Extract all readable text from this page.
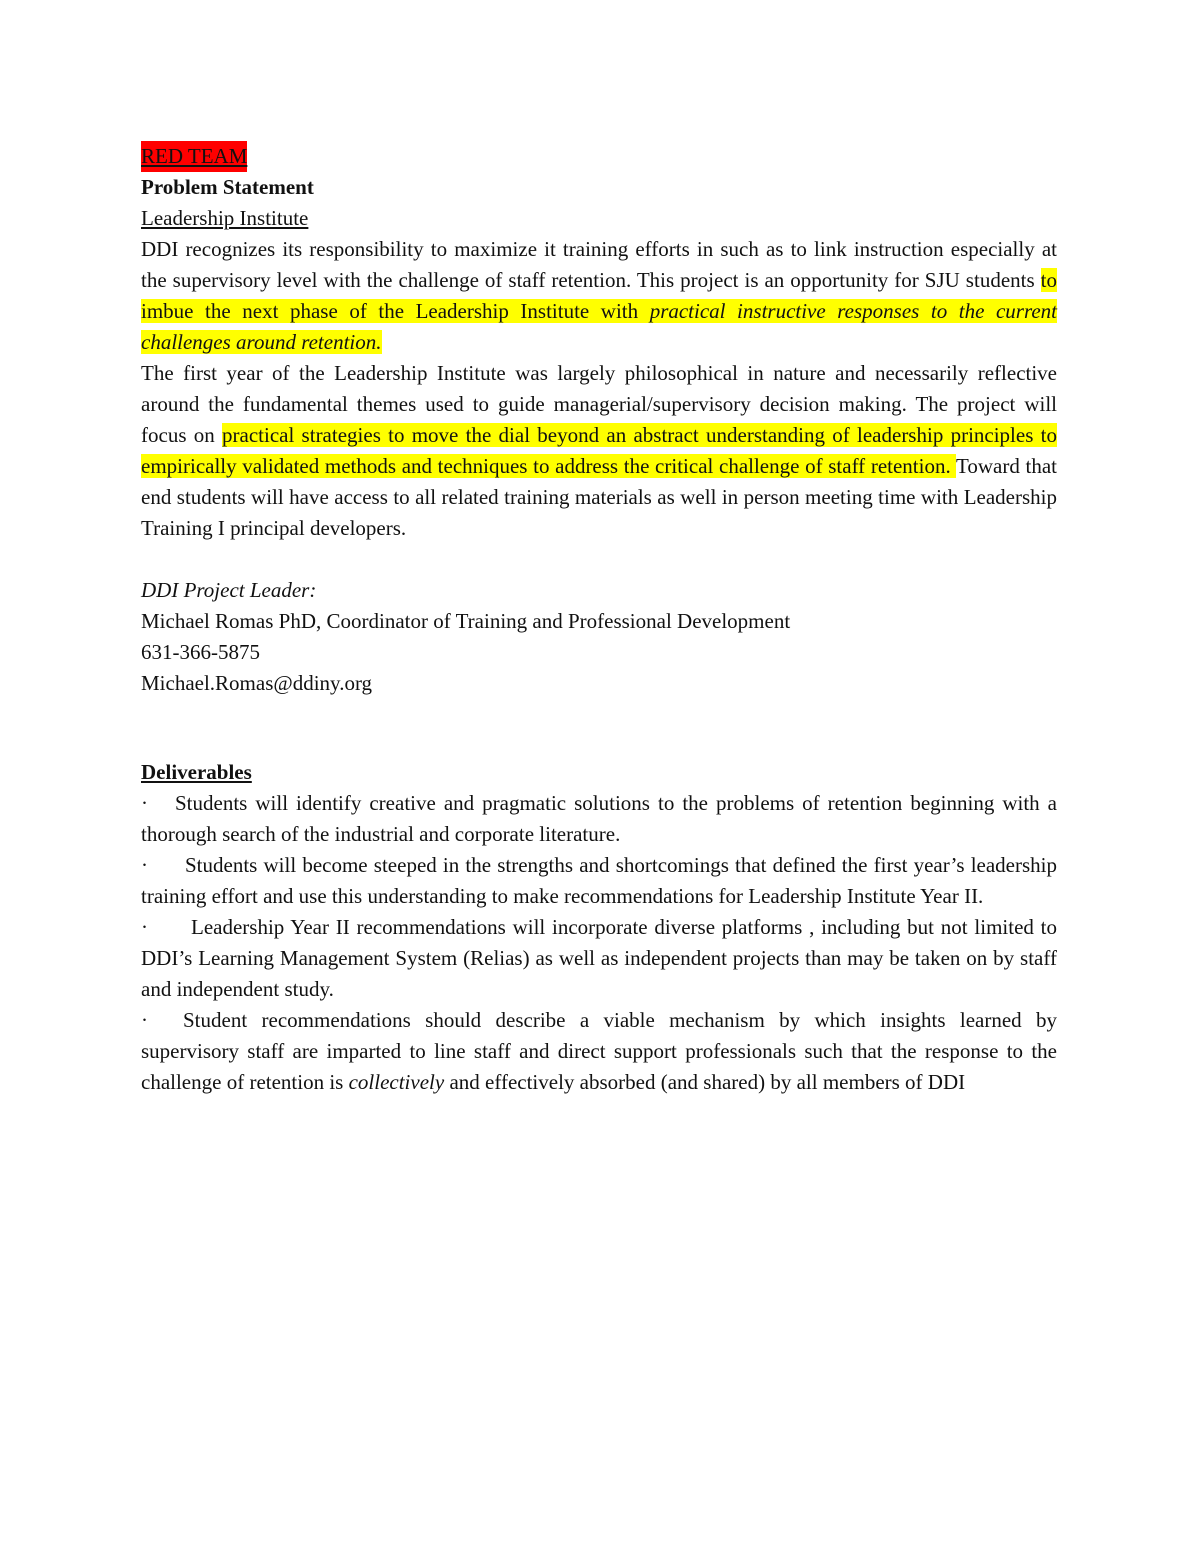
RED TEAM

Problem Statement

Leadership Institute

DDI recognizes its responsibility to maximize it training efforts in such as to link instruction especially at the supervisory level with the challenge of staff retention. This project is an opportunity for SJU students to imbue the next phase of the Leadership Institute with practical instructive responses to the current challenges around retention.

The first year of the Leadership Institute was largely philosophical in nature and necessarily reflective around the fundamental themes used to guide managerial/supervisory decision making. The project will focus on practical strategies to move the dial beyond an abstract understanding of leadership principles to empirically validated methods and techniques to address the critical challenge of staff retention. Toward that end students will have access to all related training materials as well in person meeting time with Leadership Training I principal developers.

DDI Project Leader:

Michael Romas PhD, Coordinator of Training and Professional Development

631-366-5875

Michael.Romas@ddiny.org

Deliverables

· Students will identify creative and pragmatic solutions to the problems of retention beginning with a thorough search of the industrial and corporate literature.

· Students will become steeped in the strengths and shortcomings that defined the first year’s leadership training effort and use this understanding to make recommendations for Leadership Institute Year II.

· Leadership Year II recommendations will incorporate diverse platforms , including but not limited to DDI’s Learning Management System (Relias) as well as independent projects than may be taken on by staff and independent study.

· Student recommendations should describe a viable mechanism by which insights learned by supervisory staff are imparted to line staff and direct support professionals such that the response to the challenge of retention is collectively and effectively absorbed (and shared) by all members of DDI
